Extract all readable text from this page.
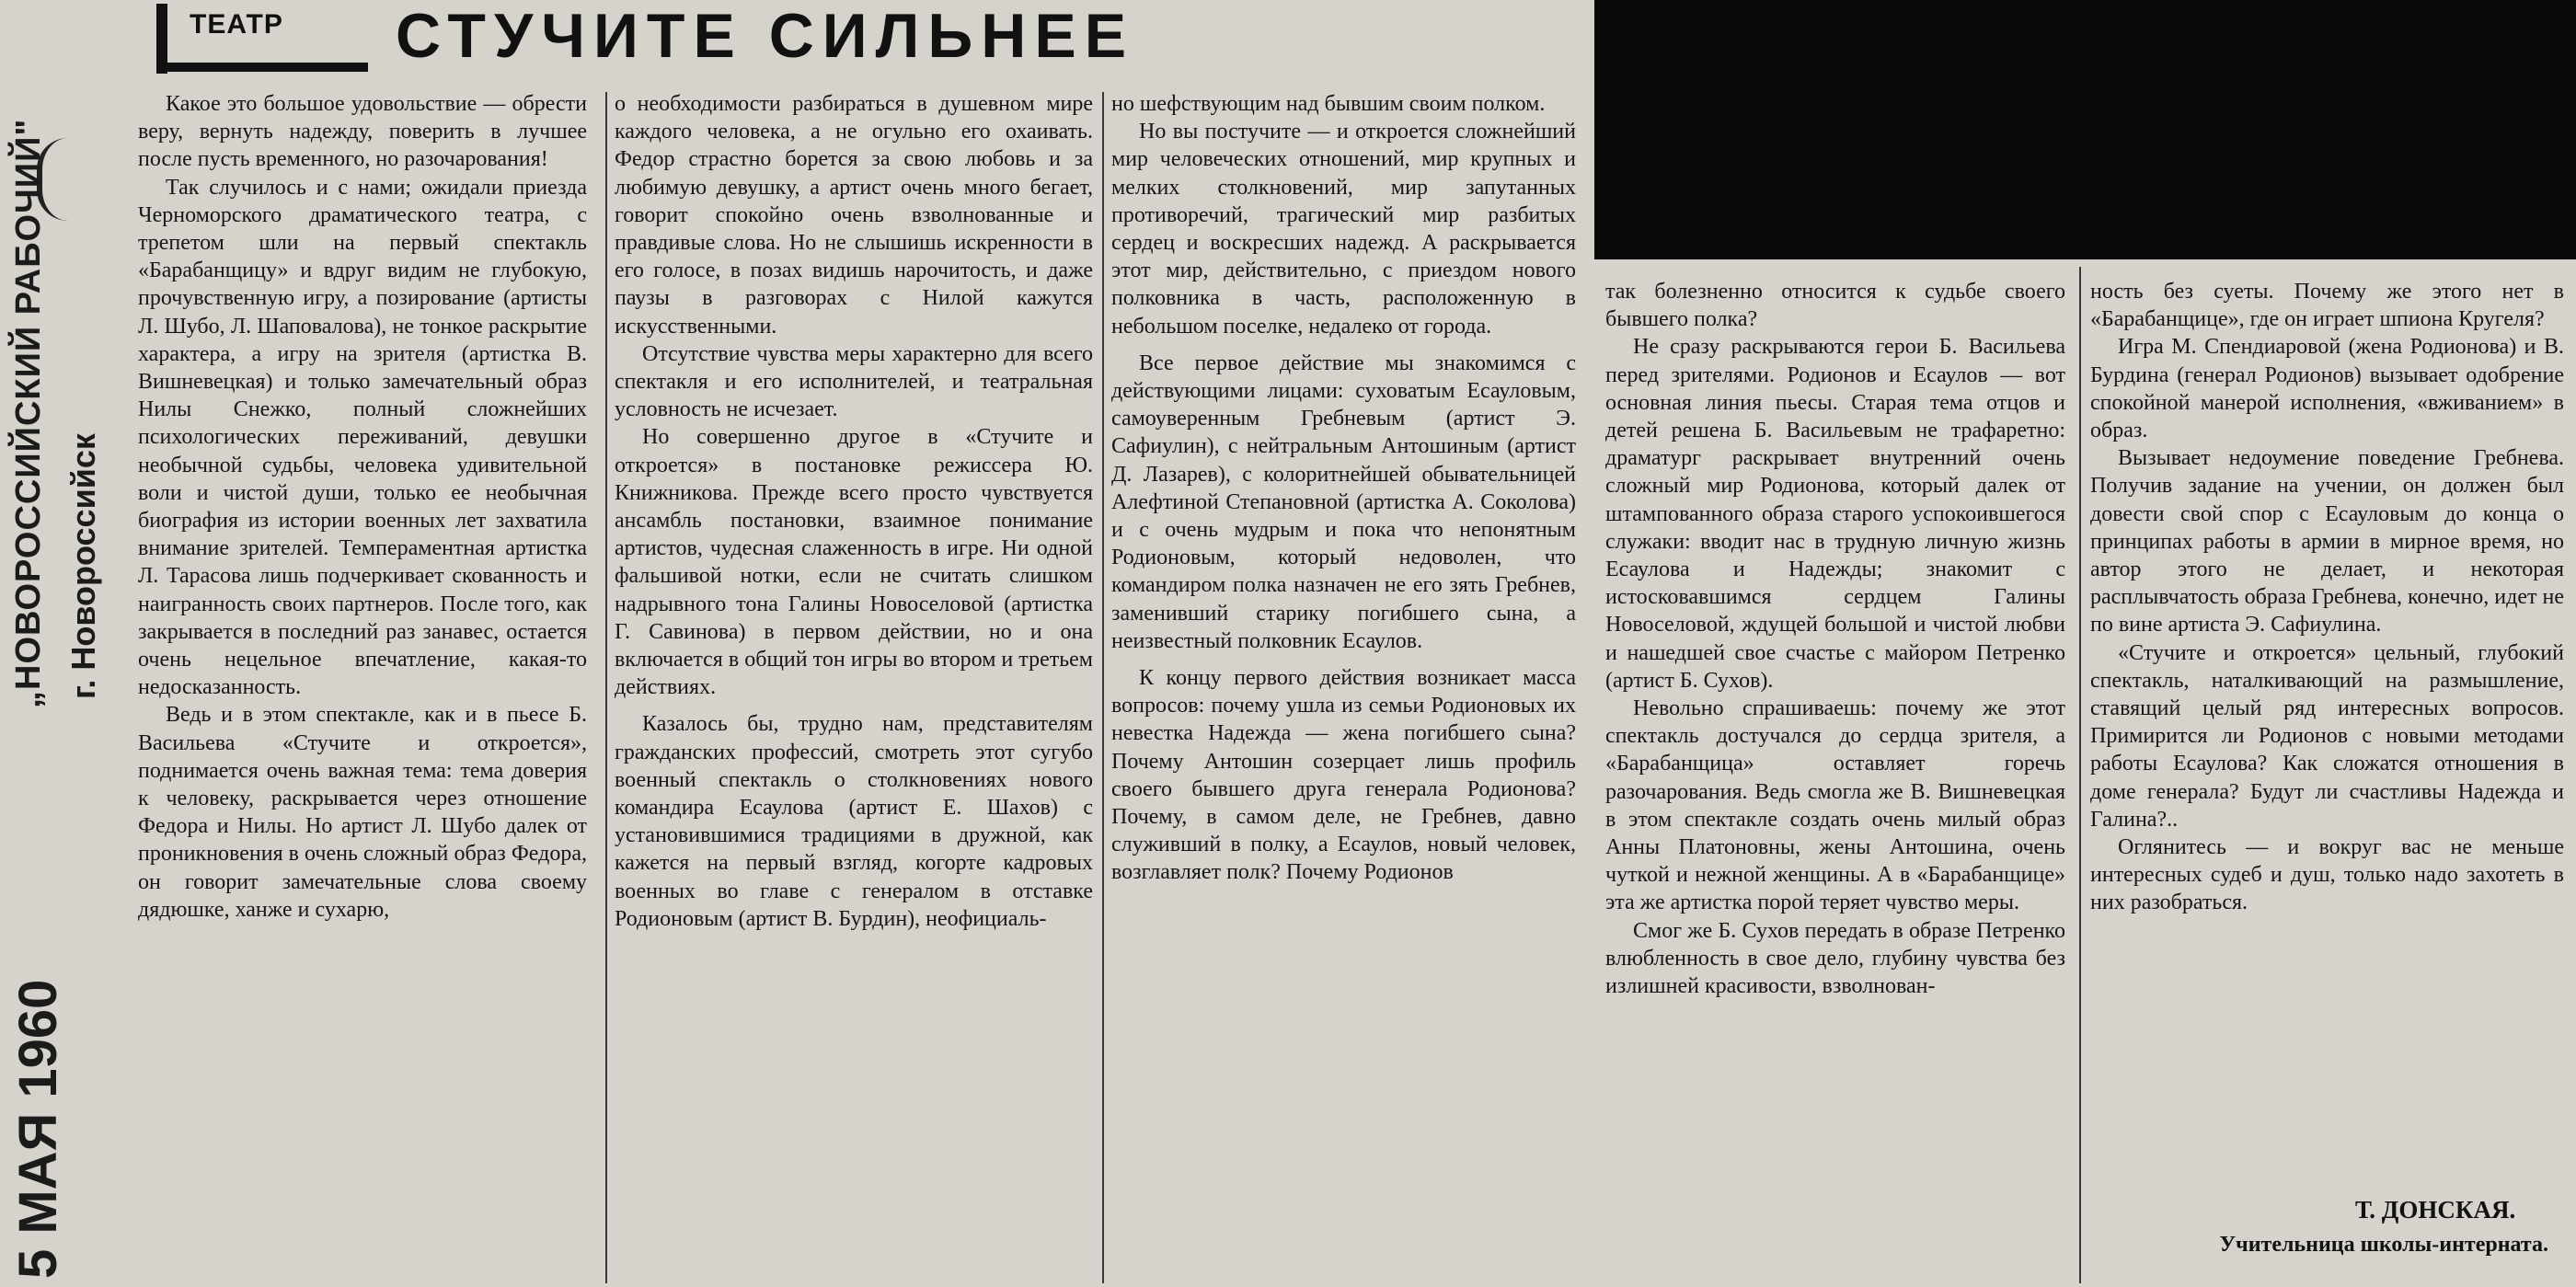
„НОВОРОССИЙСКИЙ РАБОЧИЙ" г. Новороссийск
5 МАЯ 1960
ТЕАТР СТУЧИТЕ СИЛЬНЕЕ

Какое это большое удовольствие — обрести веру, вернуть надежду, поверить в лучшее после пусть временного, но разочарования!

Так случилось и с нами; ожидали приезда Черноморского драматического театра, с трепетом шли на первый спектакль «Барабанщицу» и вдруг видим не глубокую, прочувственную игру, а позирование (артисты Л. Шубо, Л. Шаповалова), не тонкое раскрытие характера, а игру на зрителя (артистка В. Вишневецкая) и только замечательный образ Нилы Снежко, полный сложнейших психологических переживаний, девушки необычной судьбы, человека удивительной воли и чистой души, только ее необычная биография из истории военных лет захватила внимание зрителей. Темпераментная артистка Л. Тарасова лишь подчеркивает скованность и наигранность своих партнеров. После того, как закрывается в последний раз занавес, остается очень нецельное впечатление, какая-то недосказанность.

Ведь и в этом спектакле, как и в пьесе Б. Васильева «Стучите и откроется», поднимается очень важная тема: тема доверия к человеку, раскрывается через отношение Федора и Нилы. Но артист Л. Шубо далек от проникновения в очень сложный образ Федора, он говорит замечательные слова своему дядюшке, ханже и сухарю,

о необходимости разбираться в душевном мире каждого человека, а не огульно его охаивать. Федор страстно борется за свою любовь и за любимую девушку, а артист очень много бегает, говорит спокойно очень взволнованные и правдивые слова. Но не слышишь искренности в его голосе, в позах видишь нарочитость, и даже паузы в разговорах с Нилой кажутся искусственными.

Отсутствие чувства меры характерно для всего спектакля и его исполнителей, и театральная условность не исчезает.

Но совершенно другое в «Стучите и откроется» в постановке режиссера Ю. Книжникова. Прежде всего просто чувствуется ансамбль постановки, взаимное понимание артистов, чудесная слаженность в игре. Ни одной фальшивой нотки, если не считать слишком надрывного тона Галины Новоселовой (артистка Г. Савинова) в первом действии, но и она включается в общий тон игры во втором и третьем действиях.

Казалось бы, трудно нам, представителям гражданских профессий, смотреть этот сугубо военный спектакль о столкновениях нового командира Есаулова (артист Е. Шахов) с установившимися традициями в дружной, как кажется на первый взгляд, когорте кадровых военных во главе с генералом в отставке Родионовым (артист В. Бурдин), неофициаль-

но шефствующим над бывшим своим полком.

Но вы постучите — и откроется сложнейший мир человеческих отношений, мир крупных и мелких столкновений, мир запутанных противоречий, трагический мир разбитых сердец и воскресших надежд. А раскрывается этот мир, действительно, с приездом нового полковника в часть, расположенную в небольшом поселке, недалеко от города.

Все первое действие мы знакомимся с действующими лицами: суховатым Есауловым, самоуверенным Гребневым (артист Э. Сафиулин), с нейтральным Антошиным (артист Д. Лазарев), с колоритнейшей обывательницей Алефтиной Степановной (артистка А. Соколова) и с очень мудрым и пока что непонятным Родионовым, который недоволен, что командиром полка назначен не его зять Гребнев, заменивший старику погибшего сына, а неизвестный полковник Есаулов.

К концу первого действия возникает масса вопросов: почему ушла из семьи Родионовых их невестка Надежда — жена погибшего сына? Почему Антошин созерцает лишь профиль своего бывшего друга генерала Родионова? Почему, в самом деле, не Гребнев, давно служивший в полку, а Есаулов, новый человек, возглавляет полк? Почему Родионов

так болезненно относится к судьбе своего бывшего полка?

Не сразу раскрываются герои Б. Васильева перед зрителями. Родионов и Есаулов — вот основная линия пьесы. Старая тема отцов и детей решена Б. Васильевым не трафаретно: драматург раскрывает внутренний очень сложный мир Родионова, который далек от штампованного образа старого успокоившегося служаки: вводит нас в трудную личную жизнь Есаулова и Надежды; знакомит с истосковавшимся сердцем Галины Новоселовой, ждущей большой и чистой любви и нашедшей свое счастье с майором Петренко (артист Б. Сухов).

Невольно спрашиваешь: почему же этот спектакль достучался до сердца зрителя, а «Барабанщица» оставляет горечь разочарования. Ведь смогла же В. Вишневецкая в этом спектакле создать очень милый образ Анны Платоновны, жены Антошина, очень чуткой и нежной женщины. А в «Барабанщице» эта же артистка порой теряет чувство меры.

Смог же Б. Сухов передать в образе Петренко влюбленность в свое дело, глубину чувства без излишней красивости, взволнован-

ность без суеты. Почему же этого нет в «Барабанщице», где он играет шпиона Кругеля?

Игра М. Спендиаровой (жена Родионова) и В. Бурдина (генерал Родионов) вызывает одобрение спокойной манерой исполнения, «вживанием» в образ.

Вызывает недоумение поведение Гребнева. Получив задание на учении, он должен был довести свой спор с Есауловым до конца о принципах работы в армии в мирное время, но автор этого не делает, и некоторая расплывчатость образа Гребнева, конечно, идет не по вине артиста Э. Сафиулина.

«Стучите и откроется» цельный, глубокий спектакль, наталкивающий на размышление, ставящий целый ряд интересных вопросов. Примирится ли Родионов с новыми методами работы Есаулова? Как сложатся отношения в доме генерала? Будут ли счастливы Надежда и Галина?..

Оглянитесь — и вокруг вас не меньше интересных судеб и душ, только надо захотеть в них разобраться.

Т. ДОНСКАЯ.
Учительница школы-интерната.
